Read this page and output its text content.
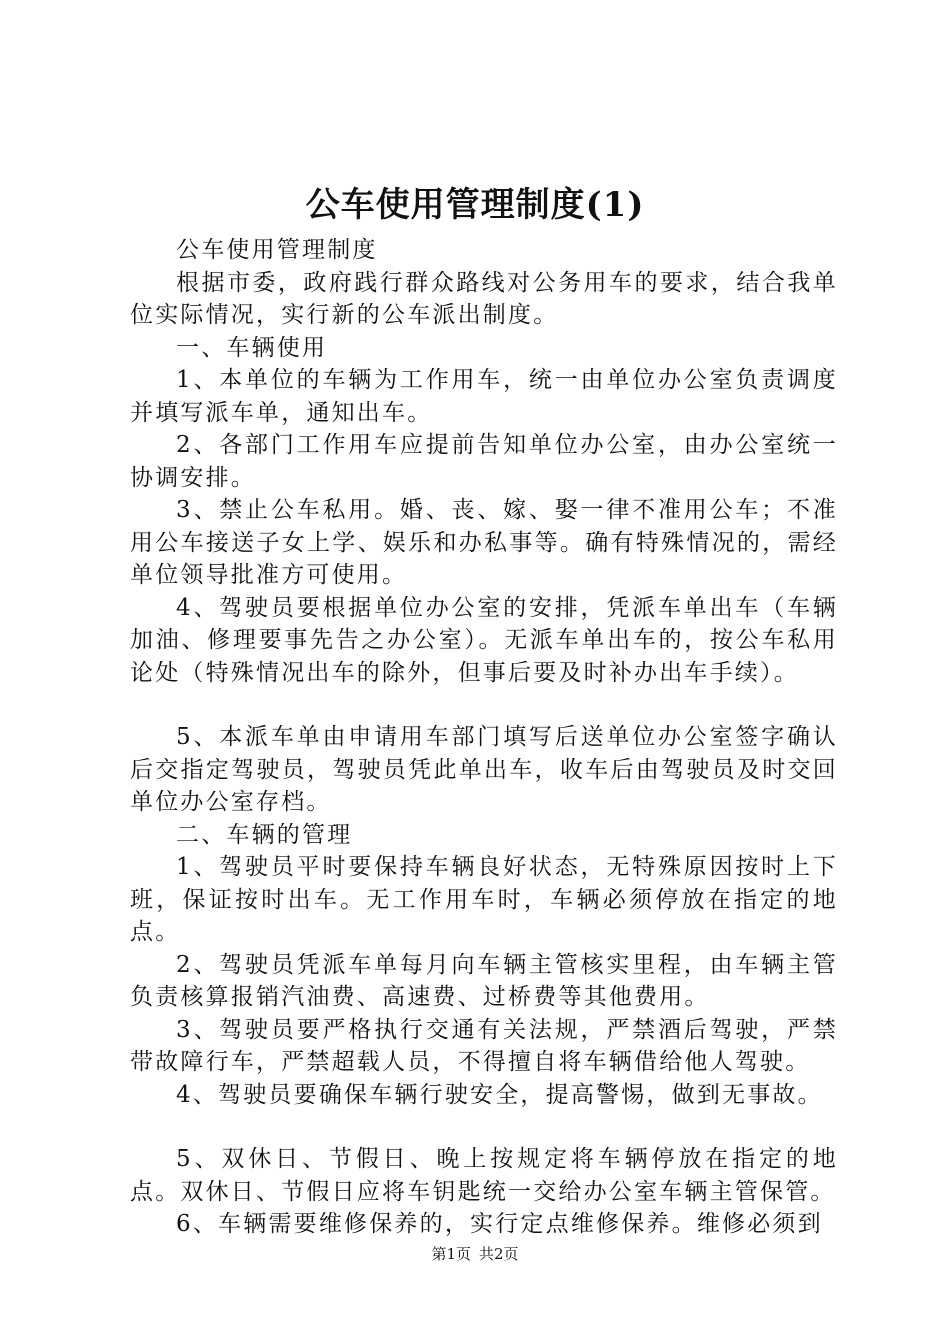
公车使用管理制度(1)

公车使用管理制度

根据市委，政府践行群众路线对公务用车的要求，结合我单位实际情况，实行新的公车派出制度。

一、车辆使用

1、本单位的车辆为工作用车，统一由单位办公室负责调度并填写派车单，通知出车。

2、各部门工作用车应提前告知单位办公室，由办公室统一协调安排。

3、禁止公车私用。婚、丧、嫁、娶一律不准用公车；不准用公车接送子女上学、娱乐和办私事等。确有特殊情况的，需经单位领导批准方可使用。

4、驾驶员要根据单位办公室的安排，凭派车单出车（车辆加油、修理要事先告之办公室）。无派车单出车的，按公车私用论处（特殊情况出车的除外，但事后要及时补办出车手续）。

5、本派车单由申请用车部门填写后送单位办公室签字确认后交指定驾驶员，驾驶员凭此单出车，收车后由驾驶员及时交回单位办公室存档。

二、车辆的管理

1、驾驶员平时要保持车辆良好状态，无特殊原因按时上下班，保证按时出车。无工作用车时，车辆必须停放在指定的地点。

2、驾驶员凭派车单每月向车辆主管核实里程，由车辆主管负责核算报销汽油费、高速费、过桥费等其他费用。

3、驾驶员要严格执行交通有关法规，严禁酒后驾驶，严禁带故障行车，严禁超载人员，不得擅自将车辆借给他人驾驶。

4、驾驶员要确保车辆行驶安全，提高警惕，做到无事故。

5、双休日、节假日、晚上按规定将车辆停放在指定的地点。双休日、节假日应将车钥匙统一交给办公室车辆主管保管。

6、车辆需要维修保养的，实行定点维修保养。维修必须到

第1页 共2页
